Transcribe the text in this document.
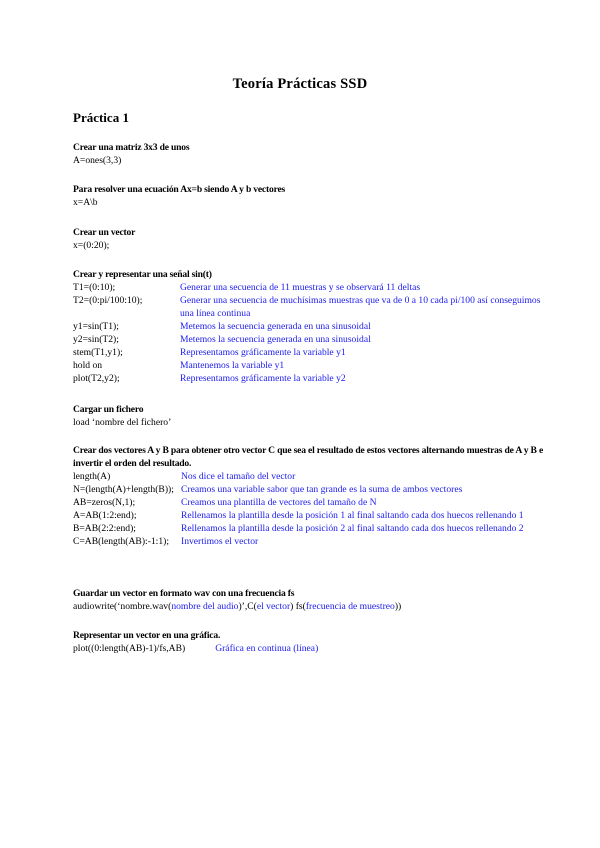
Teoría Prácticas SSD
Práctica 1
Crear una matriz 3x3 de unos
A=ones(3,3)
Para resolver una ecuación Ax=b siendo A y b vectores
x=A\b
Crear un vector
x=(0:20);
Crear y representar una señal sin(t)
T1=(0:10);	Generar una secuencia de 11 muestras y se observará 11 deltas
T2=(0:pi/100:10);	Generar una secuencia de muchísimas muestras que va de 0 a 10 cada pi/100 así conseguimos una línea continua
y1=sin(T1);	Metemos la secuencia generada en una sinusoidal
y2=sin(T2);	Metemos la secuencia generada en una sinusoidal
stem(T1,y1);	Representamos gráficamente la variable y1
hold on	Mantenemos la variable y1
plot(T2,y2);	Representamos gráficamente la variable y2
Cargar un fichero
load ‘nombre del fichero’
Crear dos vectores A y B para obtener otro vector C que sea el resultado de estos vectores alternando muestras de A y B e invertir el orden del resultado.
length(A)	Nos dice el tamaño del vector
N=(length(A)+length(B)); Creamos una variable sabor que tan grande es la suma de ambos vectores
AB=zeros(N,1);	Creamos una plantilla de vectores del tamaño de N
A=AB(1:2:end);	Rellenamos la plantilla desde la posición 1 al final saltando cada dos huecos rellenando 1
B=AB(2:2:end);	Rellenamos la plantilla desde la posición 2 al final saltando cada dos huecos rellenando 2
C=AB(length(AB):-1:1);	Invertimos el vector
Guardar un vector en formato wav con una frecuencia fs
audiowrite(‘nombre.wav(nombre del audio)’,C(el vector) fs(frecuencia de muestreo))
Representar un vector en una gráfica.
plot((0:length(AB)-1)/fs,AB)	Gráfica en continua (línea)
